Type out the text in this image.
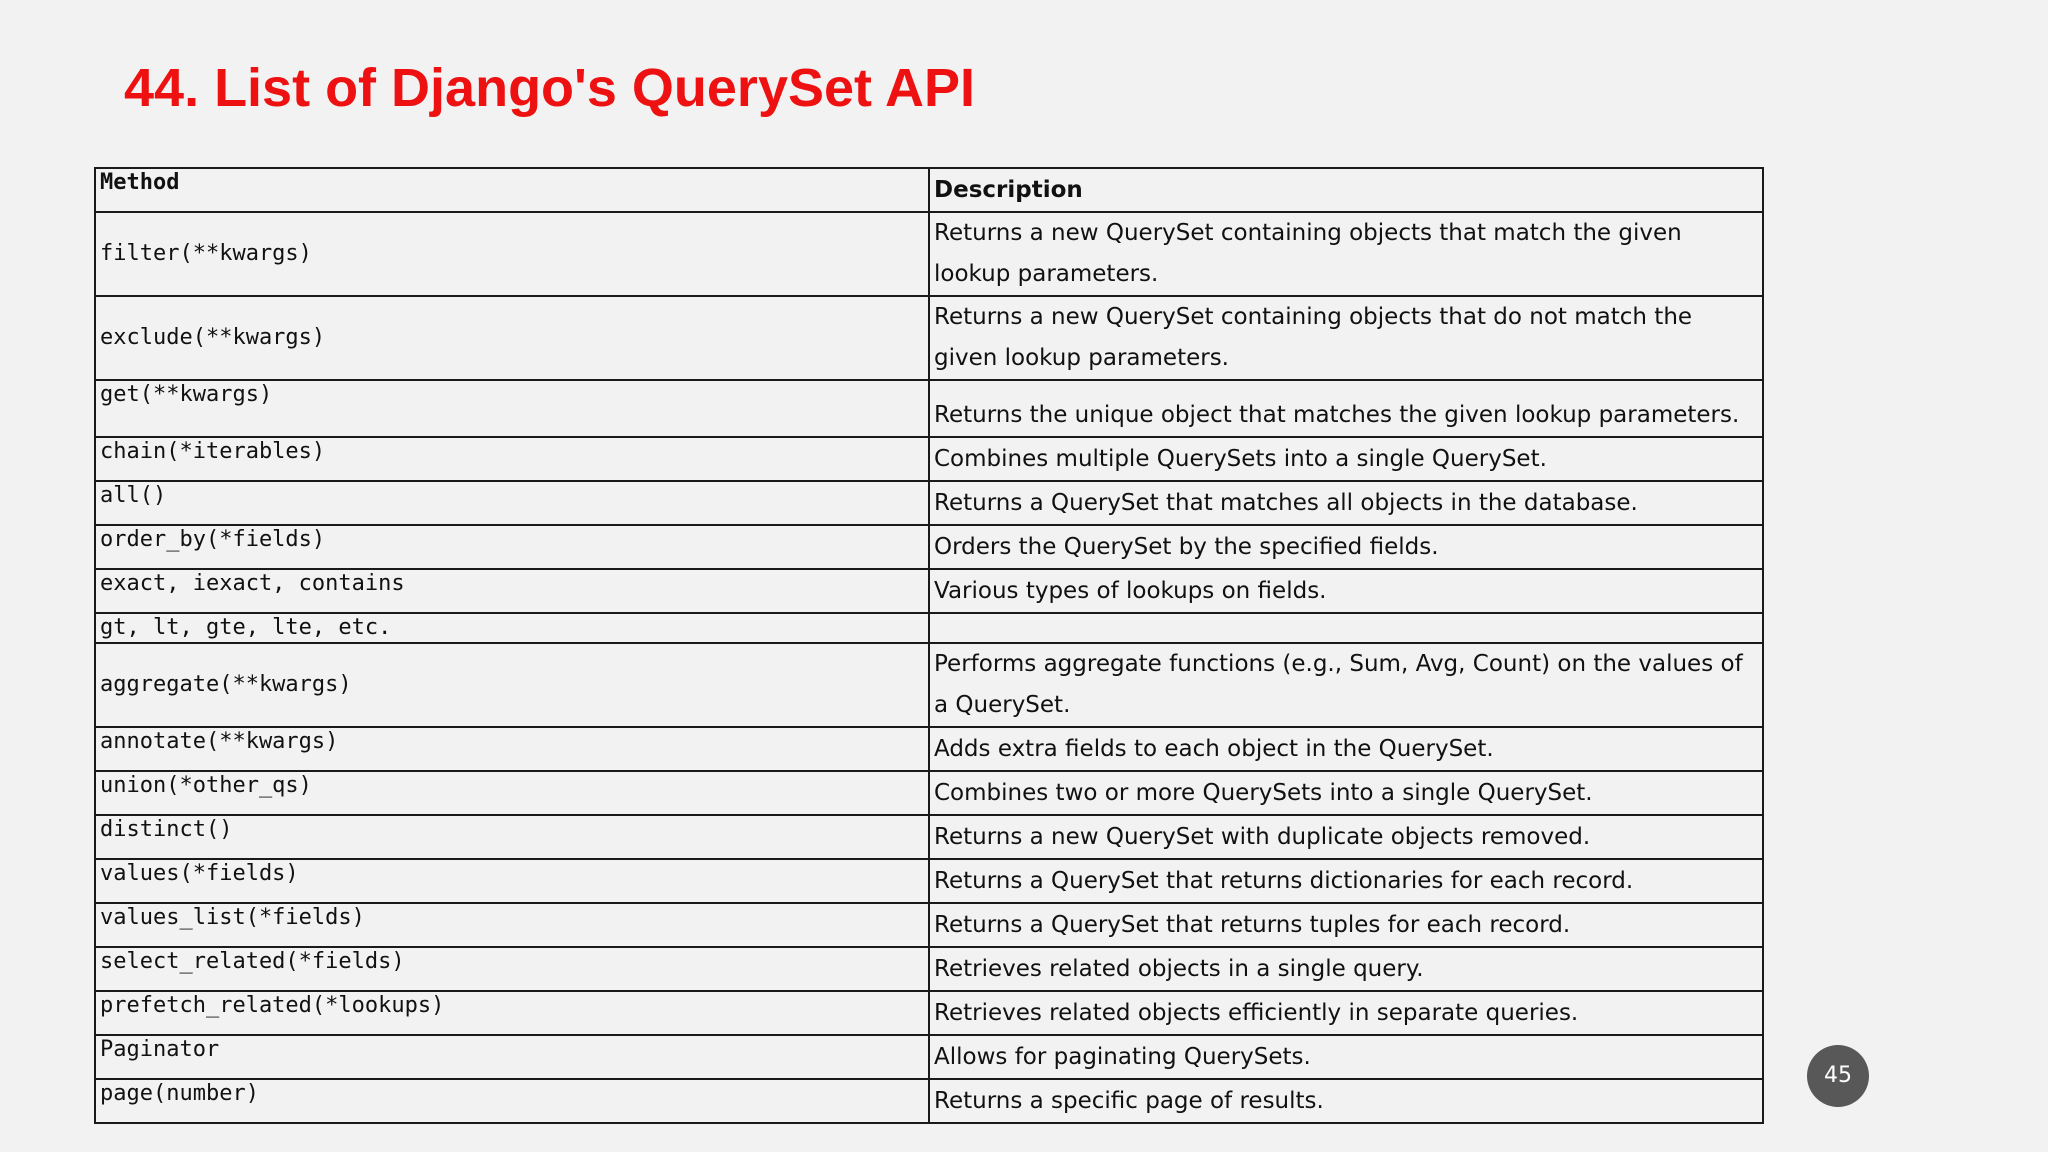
44. List of Django's QuerySet API
Method	Description
filter(**kwargs)	Returns a new QuerySet containing objects that match the given lookup parameters.
exclude(**kwargs)	Returns a new QuerySet containing objects that do not match the given lookup parameters.
get(**kwargs)	Returns the unique object that matches the given lookup parameters.
chain(*iterables)	Combines multiple QuerySets into a single QuerySet.
all()	Returns a QuerySet that matches all objects in the database.
order_by(*fields)	Orders the QuerySet by the specified fields.
exact, iexact, contains	Various types of lookups on fields.
gt, lt, gte, lte, etc.	
aggregate(**kwargs)	Performs aggregate functions (e.g., Sum, Avg, Count) on the values of a QuerySet.
annotate(**kwargs)	Adds extra fields to each object in the QuerySet.
union(*other_qs)	Combines two or more QuerySets into a single QuerySet.
distinct()	Returns a new QuerySet with duplicate objects removed.
values(*fields)	Returns a QuerySet that returns dictionaries for each record.
values_list(*fields)	Returns a QuerySet that returns tuples for each record.
select_related(*fields)	Retrieves related objects in a single query.
prefetch_related(*lookups)	Retrieves related objects efficiently in separate queries.
Paginator	Allows for paginating QuerySets.
page(number)	Returns a specific page of results.
45
